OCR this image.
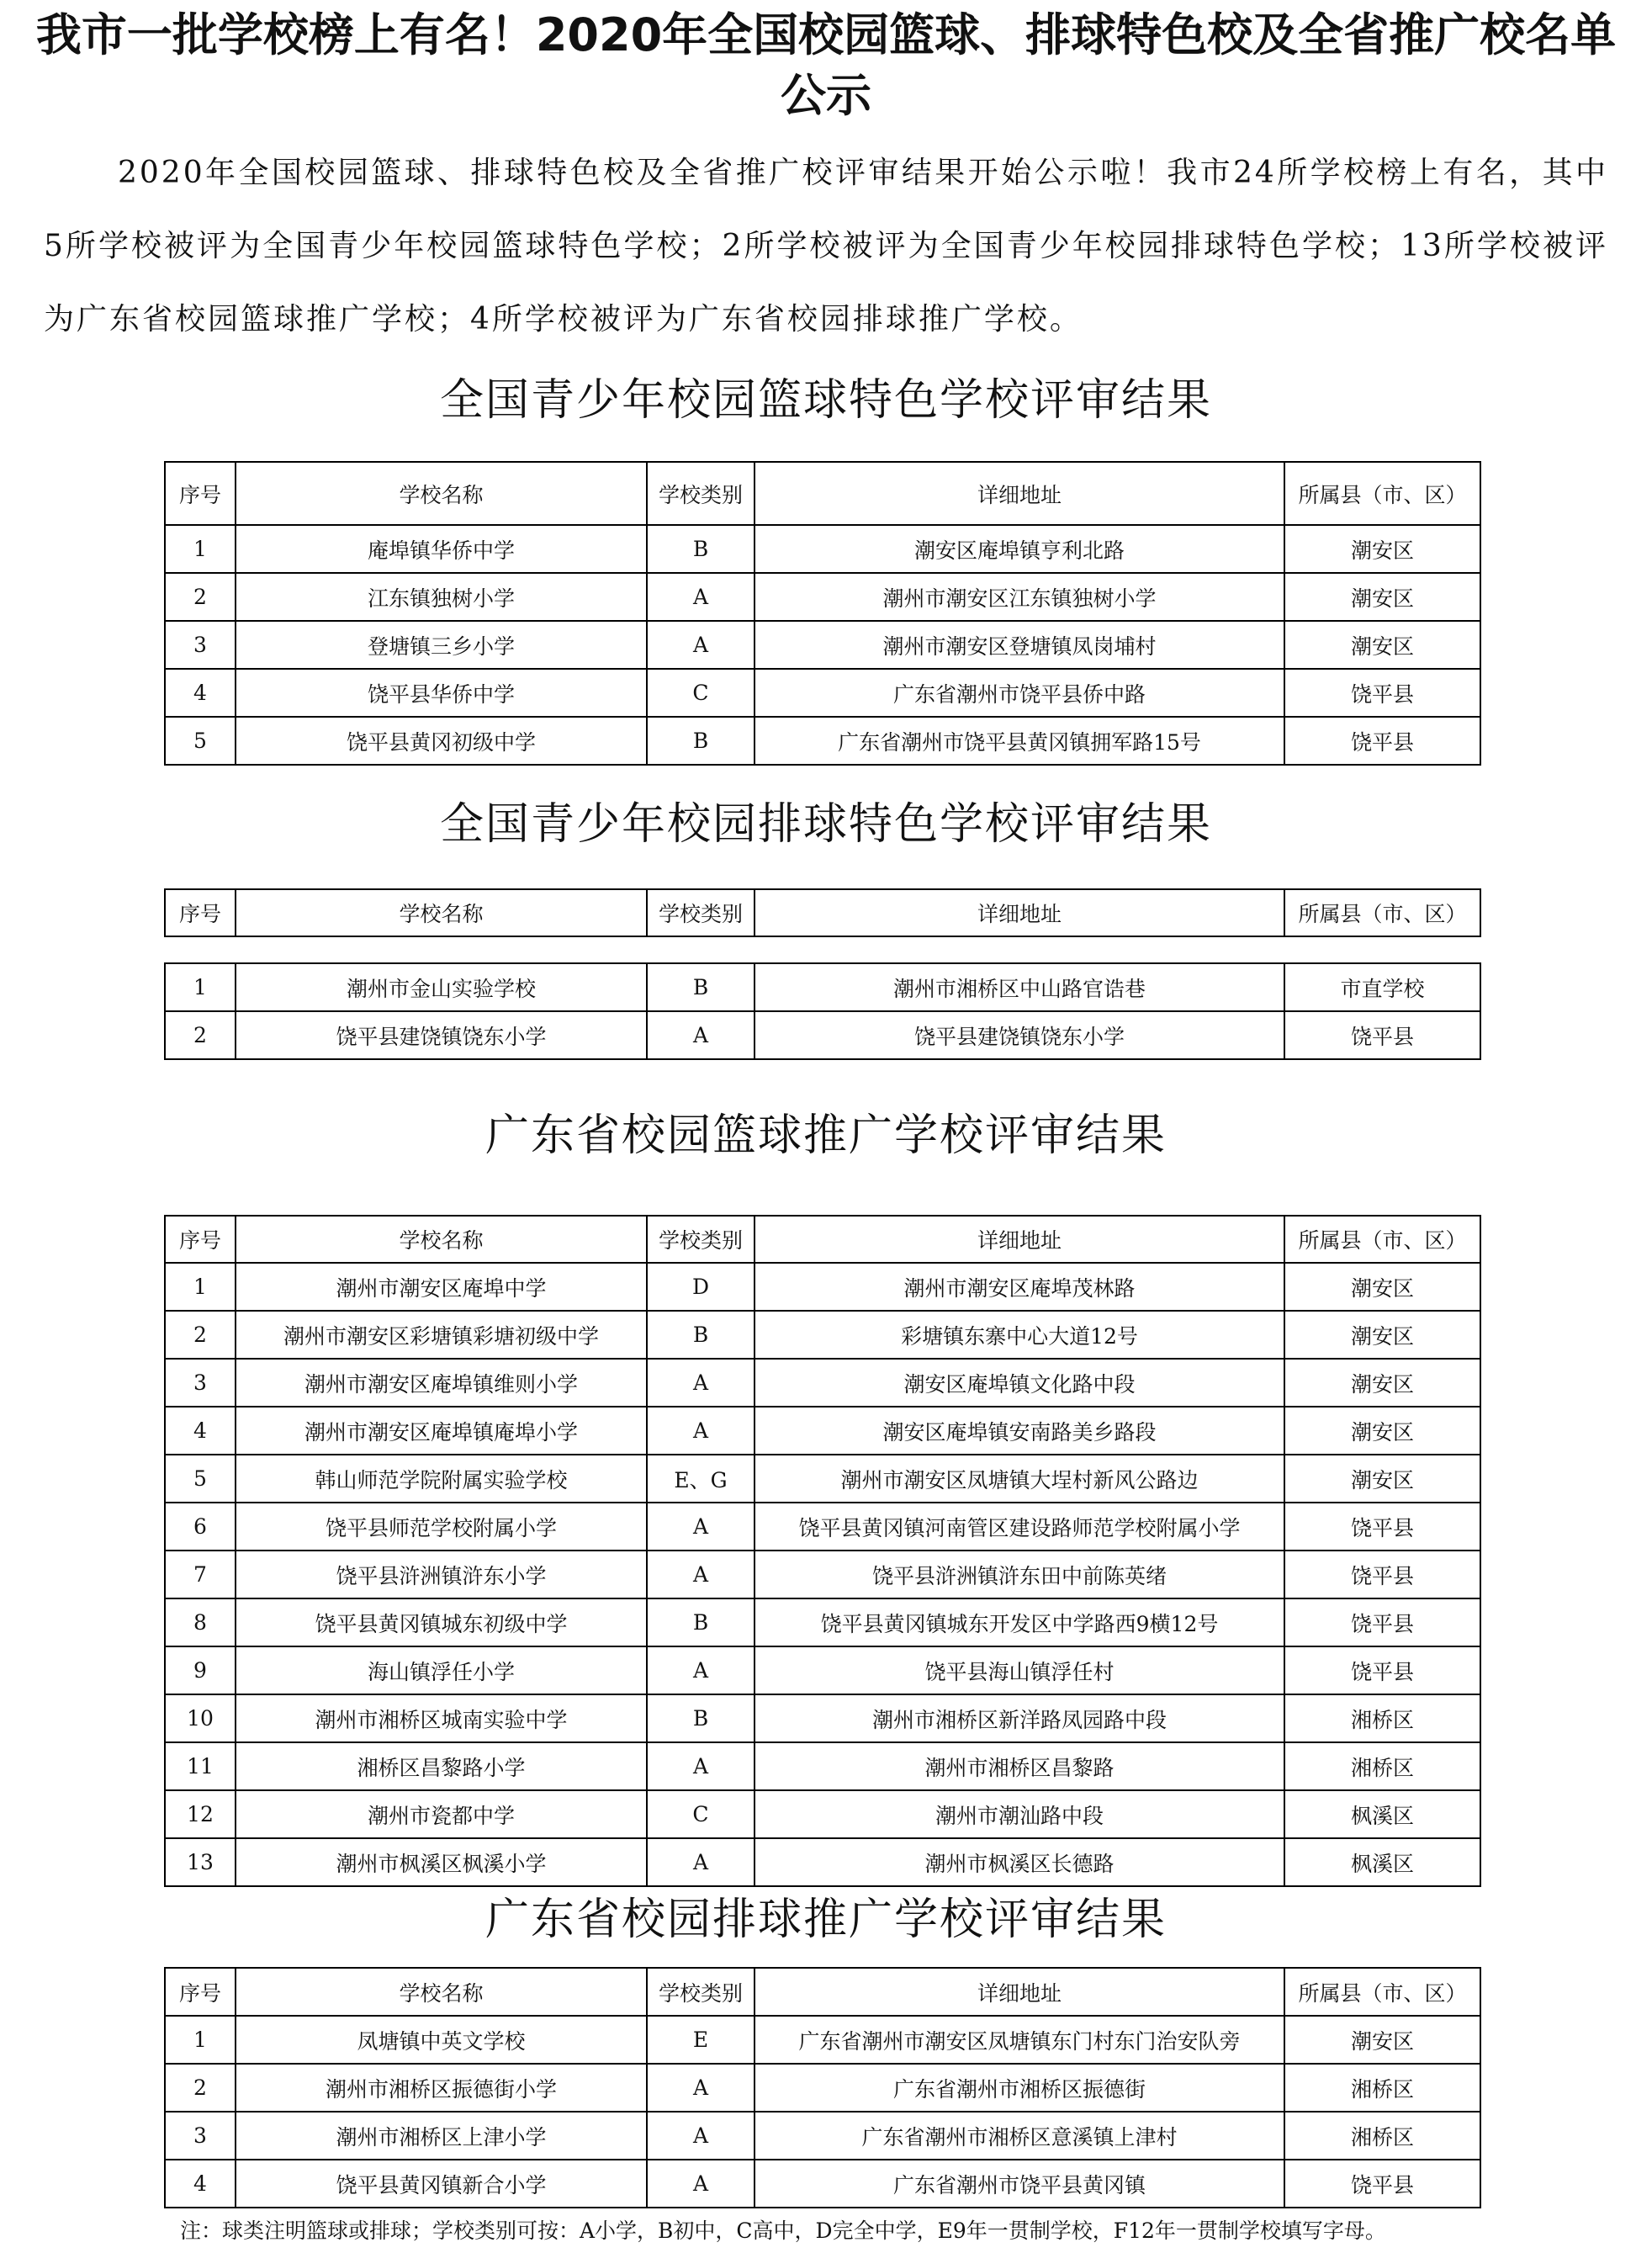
我市一批学校榜上有名！2020年全国校园篮球、排球特色校及全省推广校名单公示

2020年全国校园篮球、排球特色校及全省推广校评审结果开始公示啦！我市24所学校榜上有名，其中5所学校被评为全国青少年校园篮球特色学校；2所学校被评为全国青少年校园排球特色学校；13所学校被评为广东省校园篮球推广学校；4所学校被评为广东省校园排球推广学校。

全国青少年校园篮球特色学校评审结果
序号	学校名称	学校类别	详细地址	所属县（市、区）
1	庵埠镇华侨中学	B	潮安区庵埠镇亨利北路	潮安区
2	江东镇独树小学	A	潮州市潮安区江东镇独树小学	潮安区
3	登塘镇三乡小学	A	潮州市潮安区登塘镇凤岗埔村	潮安区
4	饶平县华侨中学	C	广东省潮州市饶平县侨中路	饶平县
5	饶平县黄冈初级中学	B	广东省潮州市饶平县黄冈镇拥军路15号	饶平县
全国青少年校园排球特色学校评审结果
序号	学校名称	学校类别	详细地址	所属县（市、区）
1	潮州市金山实验学校	B	潮州市湘桥区中山路官诰巷	市直学校
2	饶平县建饶镇饶东小学	A	饶平县建饶镇饶东小学	饶平县
广东省校园篮球推广学校评审结果
序号	学校名称	学校类别	详细地址	所属县（市、区）
1	潮州市潮安区庵埠中学	D	潮州市潮安区庵埠茂林路	潮安区
2	潮州市潮安区彩塘镇彩塘初级中学	B	彩塘镇东寨中心大道12号	潮安区
3	潮州市潮安区庵埠镇维则小学	A	潮安区庵埠镇文化路中段	潮安区
4	潮州市潮安区庵埠镇庵埠小学	A	潮安区庵埠镇安南路美乡路段	潮安区
5	韩山师范学院附属实验学校	E、G	潮州市潮安区凤塘镇大埕村新风公路边	潮安区
6	饶平县师范学校附属小学	A	饶平县黄冈镇河南管区建设路师范学校附属小学	饶平县
7	饶平县浒洲镇浒东小学	A	饶平县浒洲镇浒东田中前陈英绪	饶平县
8	饶平县黄冈镇城东初级中学	B	饶平县黄冈镇城东开发区中学路西9横12号	饶平县
9	海山镇浮任小学	A	饶平县海山镇浮任村	饶平县
10	潮州市湘桥区城南实验中学	B	潮州市湘桥区新洋路凤园路中段	湘桥区
11	湘桥区昌黎路小学	A	潮州市湘桥区昌黎路	湘桥区
12	潮州市瓷都中学	C	潮州市潮汕路中段	枫溪区
13	潮州市枫溪区枫溪小学	A	潮州市枫溪区长德路	枫溪区
广东省校园排球推广学校评审结果
序号	学校名称	学校类别	详细地址	所属县（市、区）
1	凤塘镇中英文学校	E	广东省潮州市潮安区凤塘镇东门村东门治安队旁	潮安区
2	潮州市湘桥区振德街小学	A	广东省潮州市湘桥区振德街	湘桥区
3	潮州市湘桥区上津小学	A	广东省潮州市湘桥区意溪镇上津村	湘桥区
4	饶平县黄冈镇新合小学	A	广东省潮州市饶平县黄冈镇	饶平县

注：球类注明篮球或排球；学校类别可按：A小学，B初中，C高中，D完全中学，E9年一贯制学校，F12年一贯制学校填写字母。
